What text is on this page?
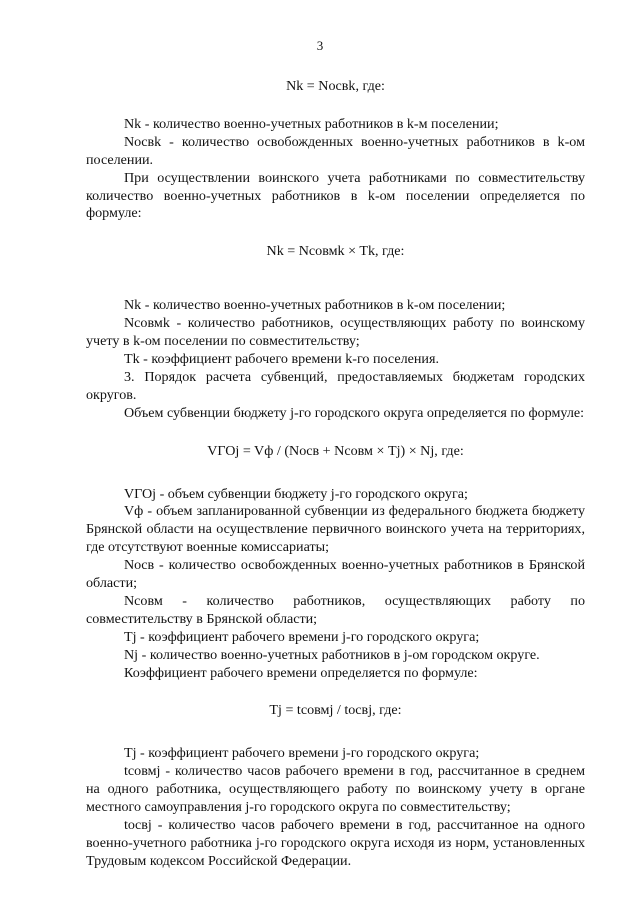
3

Nk = Nocвk, где:

Nk - количество военно-учетных работников в k-м поселении;

Nocвk - количество освобожденных военно-учетных работников в k-ом поселении.

При осуществлении воинского учета работниками по совместительству количество военно-учетных работников в k-ом поселении определяется по формуле:

Nk = Ncoвмk × Tk, где:

Nk - количество военно-учетных работников в k-ом поселении;

Ncoвмk - количество работников, осуществляющих работу по воинскому учету в k-ом поселении по совместительству;

Tk - коэффициент рабочего времени k-го поселения.

3. Порядок расчета субвенций, предоставляемых бюджетам городских округов.

Объем субвенции бюджету j-го городского округа определяется по формуле:

VГОj = Vф / (Nocв + Ncoвм × Tj) × Nj, где:

VГОj - объем субвенции бюджету j-го городского округа;

Vф - объем запланированной субвенции из федерального бюджета бюджету Брянской области на осуществление первичного воинского учета на территориях, где отсутствуют военные комиссариаты;

Nocв - количество освобожденных военно-учетных работников в Брянской области;

Ncoвм - количество работников, осуществляющих работу по совместительству в Брянской области;

Tj - коэффициент рабочего времени j-го городского округа;

Nj - количество военно-учетных работников в j-ом городском округе.

Коэффициент рабочего времени определяется по формуле:

Tj = tcoвмj / tocвj, где:

Tj - коэффициент рабочего времени j-го городского округа;

tcoвмj - количество часов рабочего времени в год, рассчитанное в среднем на одного работника, осуществляющего работу по воинскому учету в органе местного самоуправления j-го городского округа по совместительству;

tocвj - количество часов рабочего времени в год, рассчитанное на одного военно-учетного работника j-го городского округа исходя из норм, установленных Трудовым кодексом Российской Федерации.
